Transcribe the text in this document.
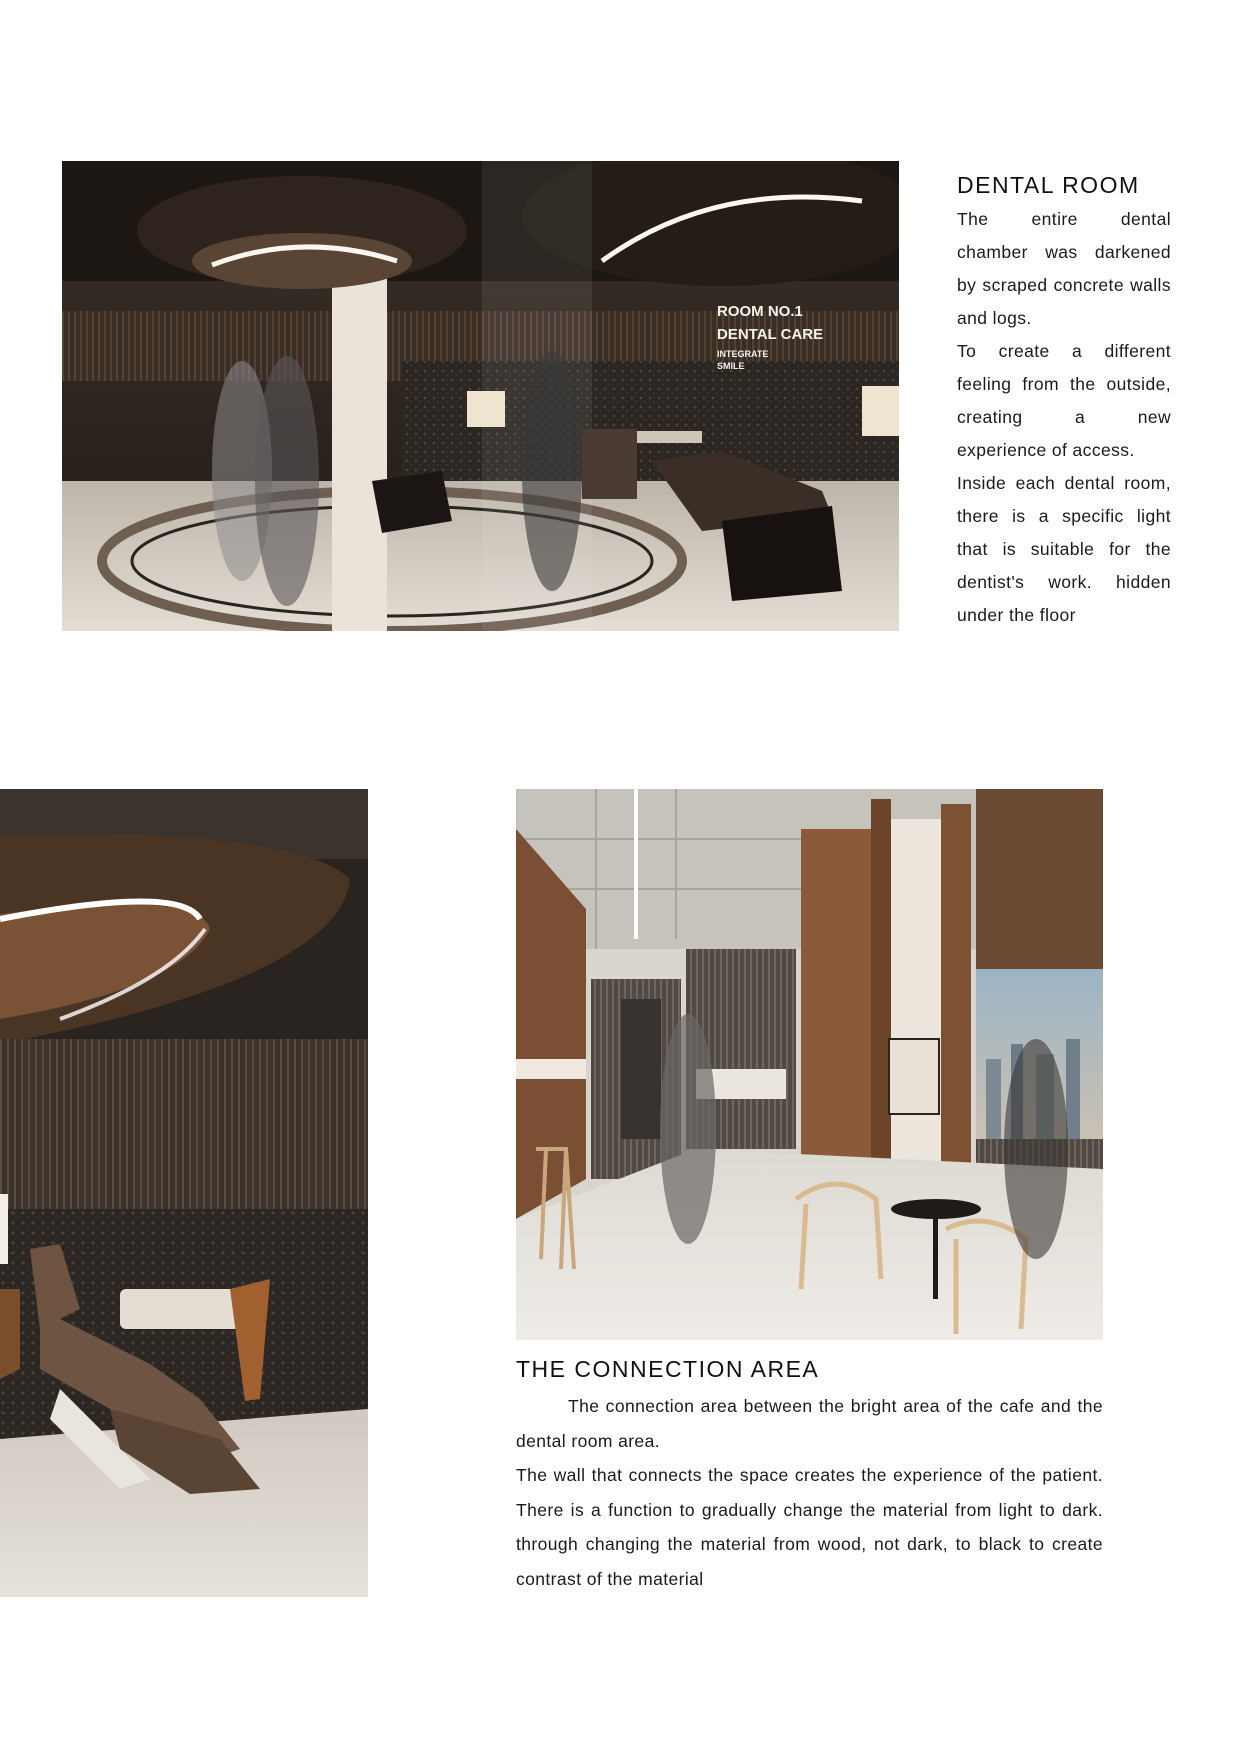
ROOM NO.1
DENTAL CARE
INTEGRATE
SMILE
DENTAL ROOM

The entire dental chamber was darkened by scraped concrete walls and logs.

To create a different feeling from the outside, creating a new experience of access.

Inside each dental room, there is a specific light that is suitable for the dentist's work. hidden under the floor

THE CONNECTION AREA

The connection area between the bright area of the cafe and the dental room area.

The wall that connects the space creates the experience of the patient. There is a function to gradually change the material from light to dark. through changing the material from wood, not dark, to black to create contrast of the material
